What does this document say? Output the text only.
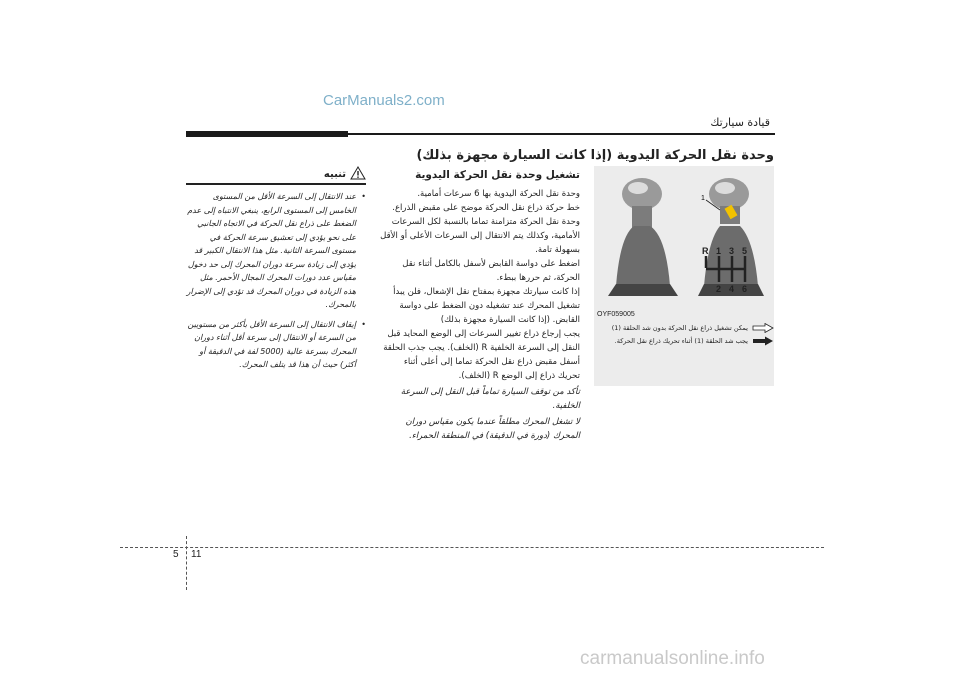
CarManuals2.com
قيادة سيارتك
وحدة نقل الحركة اليدوية (إذا كانت السيارة مجهزة بذلك)
1
R 1 3 5
2 4 6
OYF059005
يمكن تشغيل ذراع نقل الحركة بدون شد الحلقة (1)
يجب شد الحلقة (1) أثناء تحريك ذراع نقل الحركة.
تشغيل وحدة نقل الحركة اليدوية

وحدة نقل الحركة اليدوية بها 6 سرعات أمامية.

خط حركة ذراع نقل الحركة موضح على مقبض الذراع. وحدة نقل الحركة متزامنة تماما بالنسبة لكل السرعات الأمامية، وكذلك يتم الانتقال إلى السرعات الأعلى أو الأقل بسهولة تامة.

اضغط على دواسة القابض لأسفل بالكامل أثناء نقل الحركة، ثم حررها ببطء.

إذا كانت سيارتك مجهزة بمفتاح نقل الإشعال، فلن يبدأ تشغيل المحرك عند تشغيله دون الضغط على دواسة القابض. (إذا كانت السيارة مجهزة بذلك)

يجب إرجاع ذراع تغيير السرعات إلى الوضع المحايد قبل النقل إلى السرعة الخلفية R (الخلف). يجب جذب الحلقة أسفل مقبض ذراع نقل الحركة تماما إلى أعلى أثناء تحريك ذراع إلى الوضع R (الخلف).

تأكد من توقف السيارة تماماً قبل النقل إلى السرعة الخلفية.

لا تشغل المحرك مطلقاً عندما يكون مقياس دوران المحرك (دورة في الدقيقة) في المنطقة الحمراء.

تنبيه
• عند الانتقال إلى السرعة الأقل من المستوى الخامس إلى المستوى الرابع، ينبغي الانتباه إلى عدم الضغط على ذراع نقل الحركة في الاتجاه الجانبي على نحو يؤدي إلى تعشيق سرعة الحركة في مستوى السرعة الثانية. مثل هذا الانتقال الكبير قد يؤدي إلى زيادة سرعة دوران المحرك إلى حد دخول مقياس عدد دورات المحرك المجال الأحمر. مثل هذه الزيادة في دوران المحرك قد تؤدي إلى الإضرار بالمحرك.
• إيقاف الانتقال إلى السرعة الأقل بأكثر من مستويين من السرعة أو الانتقال إلى سرعة أقل أثناء دوران المحرك بسرعة عالية (5000 لفة في الدقيقة أو أكثر) حيث أن هذا قد يتلف المحرك.
5 11
carmanualsonline.info
